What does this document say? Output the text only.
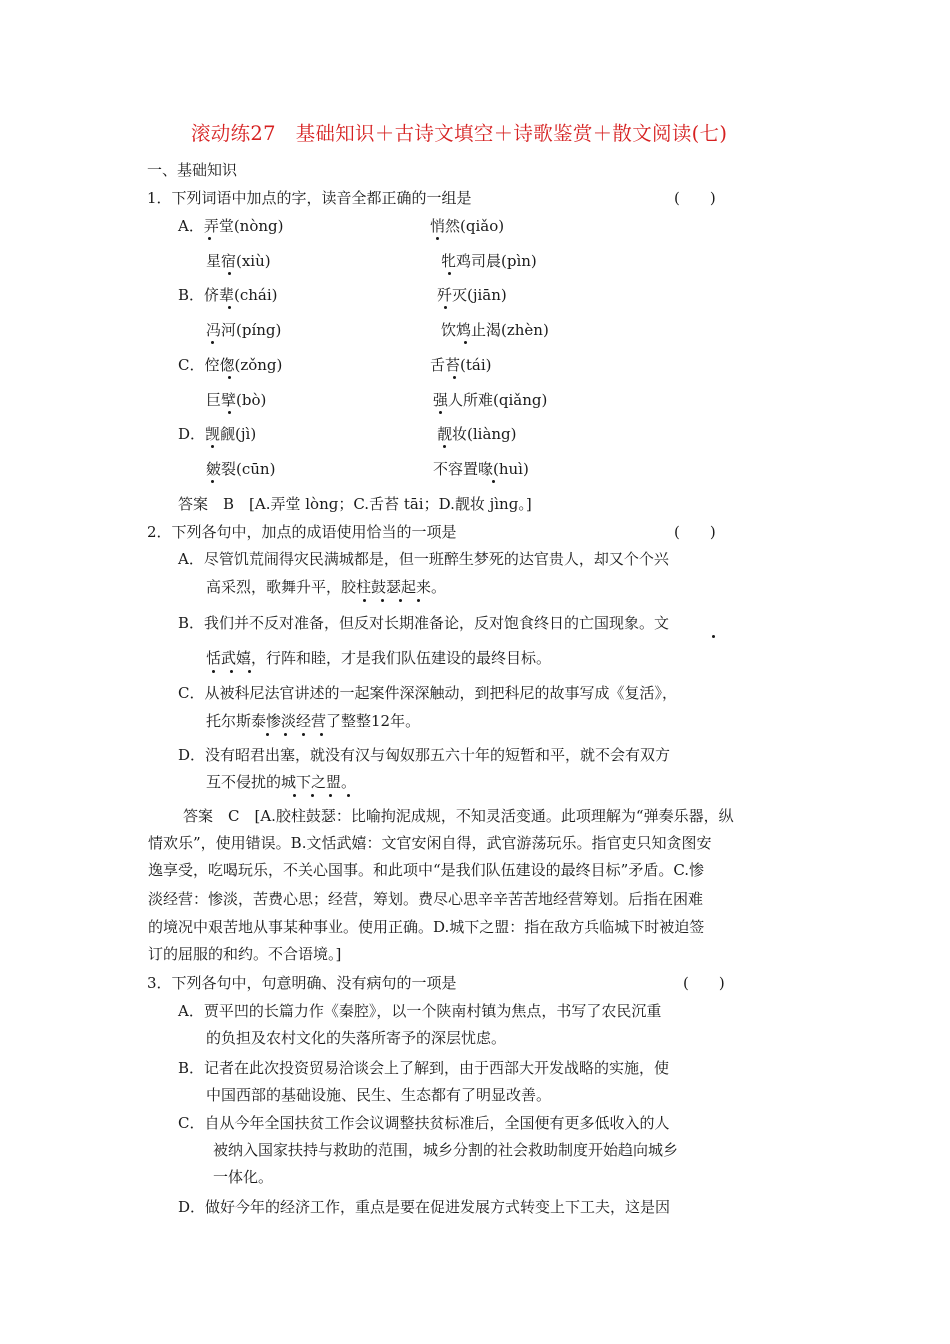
滚动练27　基础知识＋古诗文填空＋诗歌鉴赏＋散文阅读(七)
一、基础知识
1．下列词语中加点的字，读音全都正确的一组是	(　　)
A．弄堂(nòng)	悄然(qiǎo)
星宿(xiù)	牝鸡司晨(pìn)
B．侪辈(chái)	歼灭(jiān)
冯河(píng)	饮鸩止渴(zhèn)
C．倥偬(zǒng)	舌苔(tái)
巨擘(bò)	强人所难(qiǎng)
D．觊觎(jì)	靓妆(liàng)
皴裂(cūn)	不容置喙(huì)
答案　B　[A.弄堂 lònɡ；C.舌苔 tāi；D.靓妆 jìnɡ。]
2．下列各句中，加点的成语使用恰当的一项是	(　　)
A．尽管饥荒闹得灾民满城都是，但一班醉生梦死的达官贵人，却又个个兴
高采烈，歌舞升平，胶柱鼓瑟起来。
B．我们并不反对准备，但反对长期准备论，反对饱食终日的亡国现象。文
恬武嬉，行阵和睦，才是我们队伍建设的最终目标。
C．从被科尼法官讲述的一起案件深深触动，到把科尼的故事写成《复活》，
托尔斯泰惨淡经营了整整12年。
D．没有昭君出塞，就没有汉与匈奴那五六十年的短暂和平，就不会有双方
互不侵扰的城下之盟。
答案　C　[A.胶柱鼓瑟：比喻拘泥成规，不知灵活变通。此项理解为“弹奏乐器，纵
情欢乐”，使用错误。B.文恬武嬉：文官安闲自得，武官游荡玩乐。指官吏只知贪图安
逸享受，吃喝玩乐，不关心国事。和此项中“是我们队伍建设的最终目标”矛盾。C.惨
淡经营：惨淡，苦费心思；经营，筹划。费尽心思辛辛苦苦地经营筹划。后指在困难
的境况中艰苦地从事某种事业。使用正确。D.城下之盟：指在敌方兵临城下时被迫签
订的屈服的和约。不合语境。]
3．下列各句中，句意明确、没有病句的一项是	(　　)
A．贾平凹的长篇力作《秦腔》，以一个陕南村镇为焦点，书写了农民沉重
的负担及农村文化的失落所寄予的深层忧虑。
B．记者在此次投资贸易洽谈会上了解到，由于西部大开发战略的实施，使
中国西部的基础设施、民生、生态都有了明显改善。
C．自从今年全国扶贫工作会议调整扶贫标准后，全国便有更多低收入的人
被纳入国家扶持与救助的范围，城乡分割的社会救助制度开始趋向城乡
一体化。
D．做好今年的经济工作，重点是要在促进发展方式转变上下工夫，这是因
